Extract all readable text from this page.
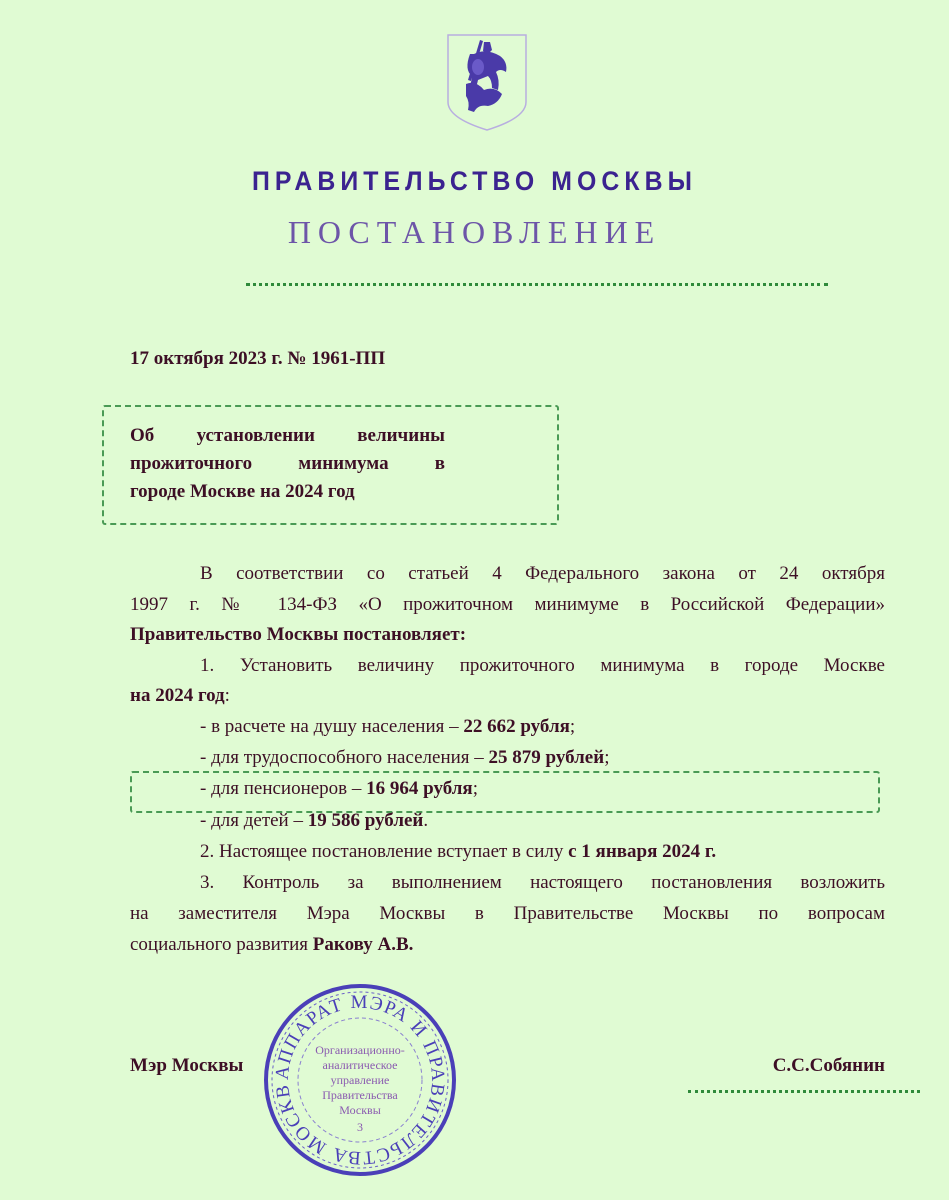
ПРАВИТЕЛЬСТВО МОСКВЫ
ПОСТАНОВЛЕНИЕ
17 октября 2023 г. № 1961-ПП
Об установлении величины
прожиточного минимума в
городе Москве на 2024 год
В соответствии со статьей 4 Федерального закона от 24 октября
1997 г. № 134-ФЗ «О прожиточном минимуме в Российской Федерации»
Правительство Москвы постановляет:
1. Установить величину прожиточного минимума в городе Москве
на 2024 год:
- в расчете на душу населения – 22 662 рубля;
- для трудоспособного населения – 25 879 рублей;
- для пенсионеров – 16 964 рубля;
- для детей – 19 586 рублей.
2. Настоящее постановление вступает в силу с 1 января 2024 г.
3. Контроль за выполнением настоящего постановления возложить
на заместителя Мэра Москвы в Правительстве Москвы по вопросам
социального развития Ракову А.В.
Мэр Москвы	С.С.Собянин
АППАРАТ МЭРА И ПРАВИТЕЛЬСТВА МОСКВ
Организационно-
аналитическое
управление
Правительства
Москвы
3
